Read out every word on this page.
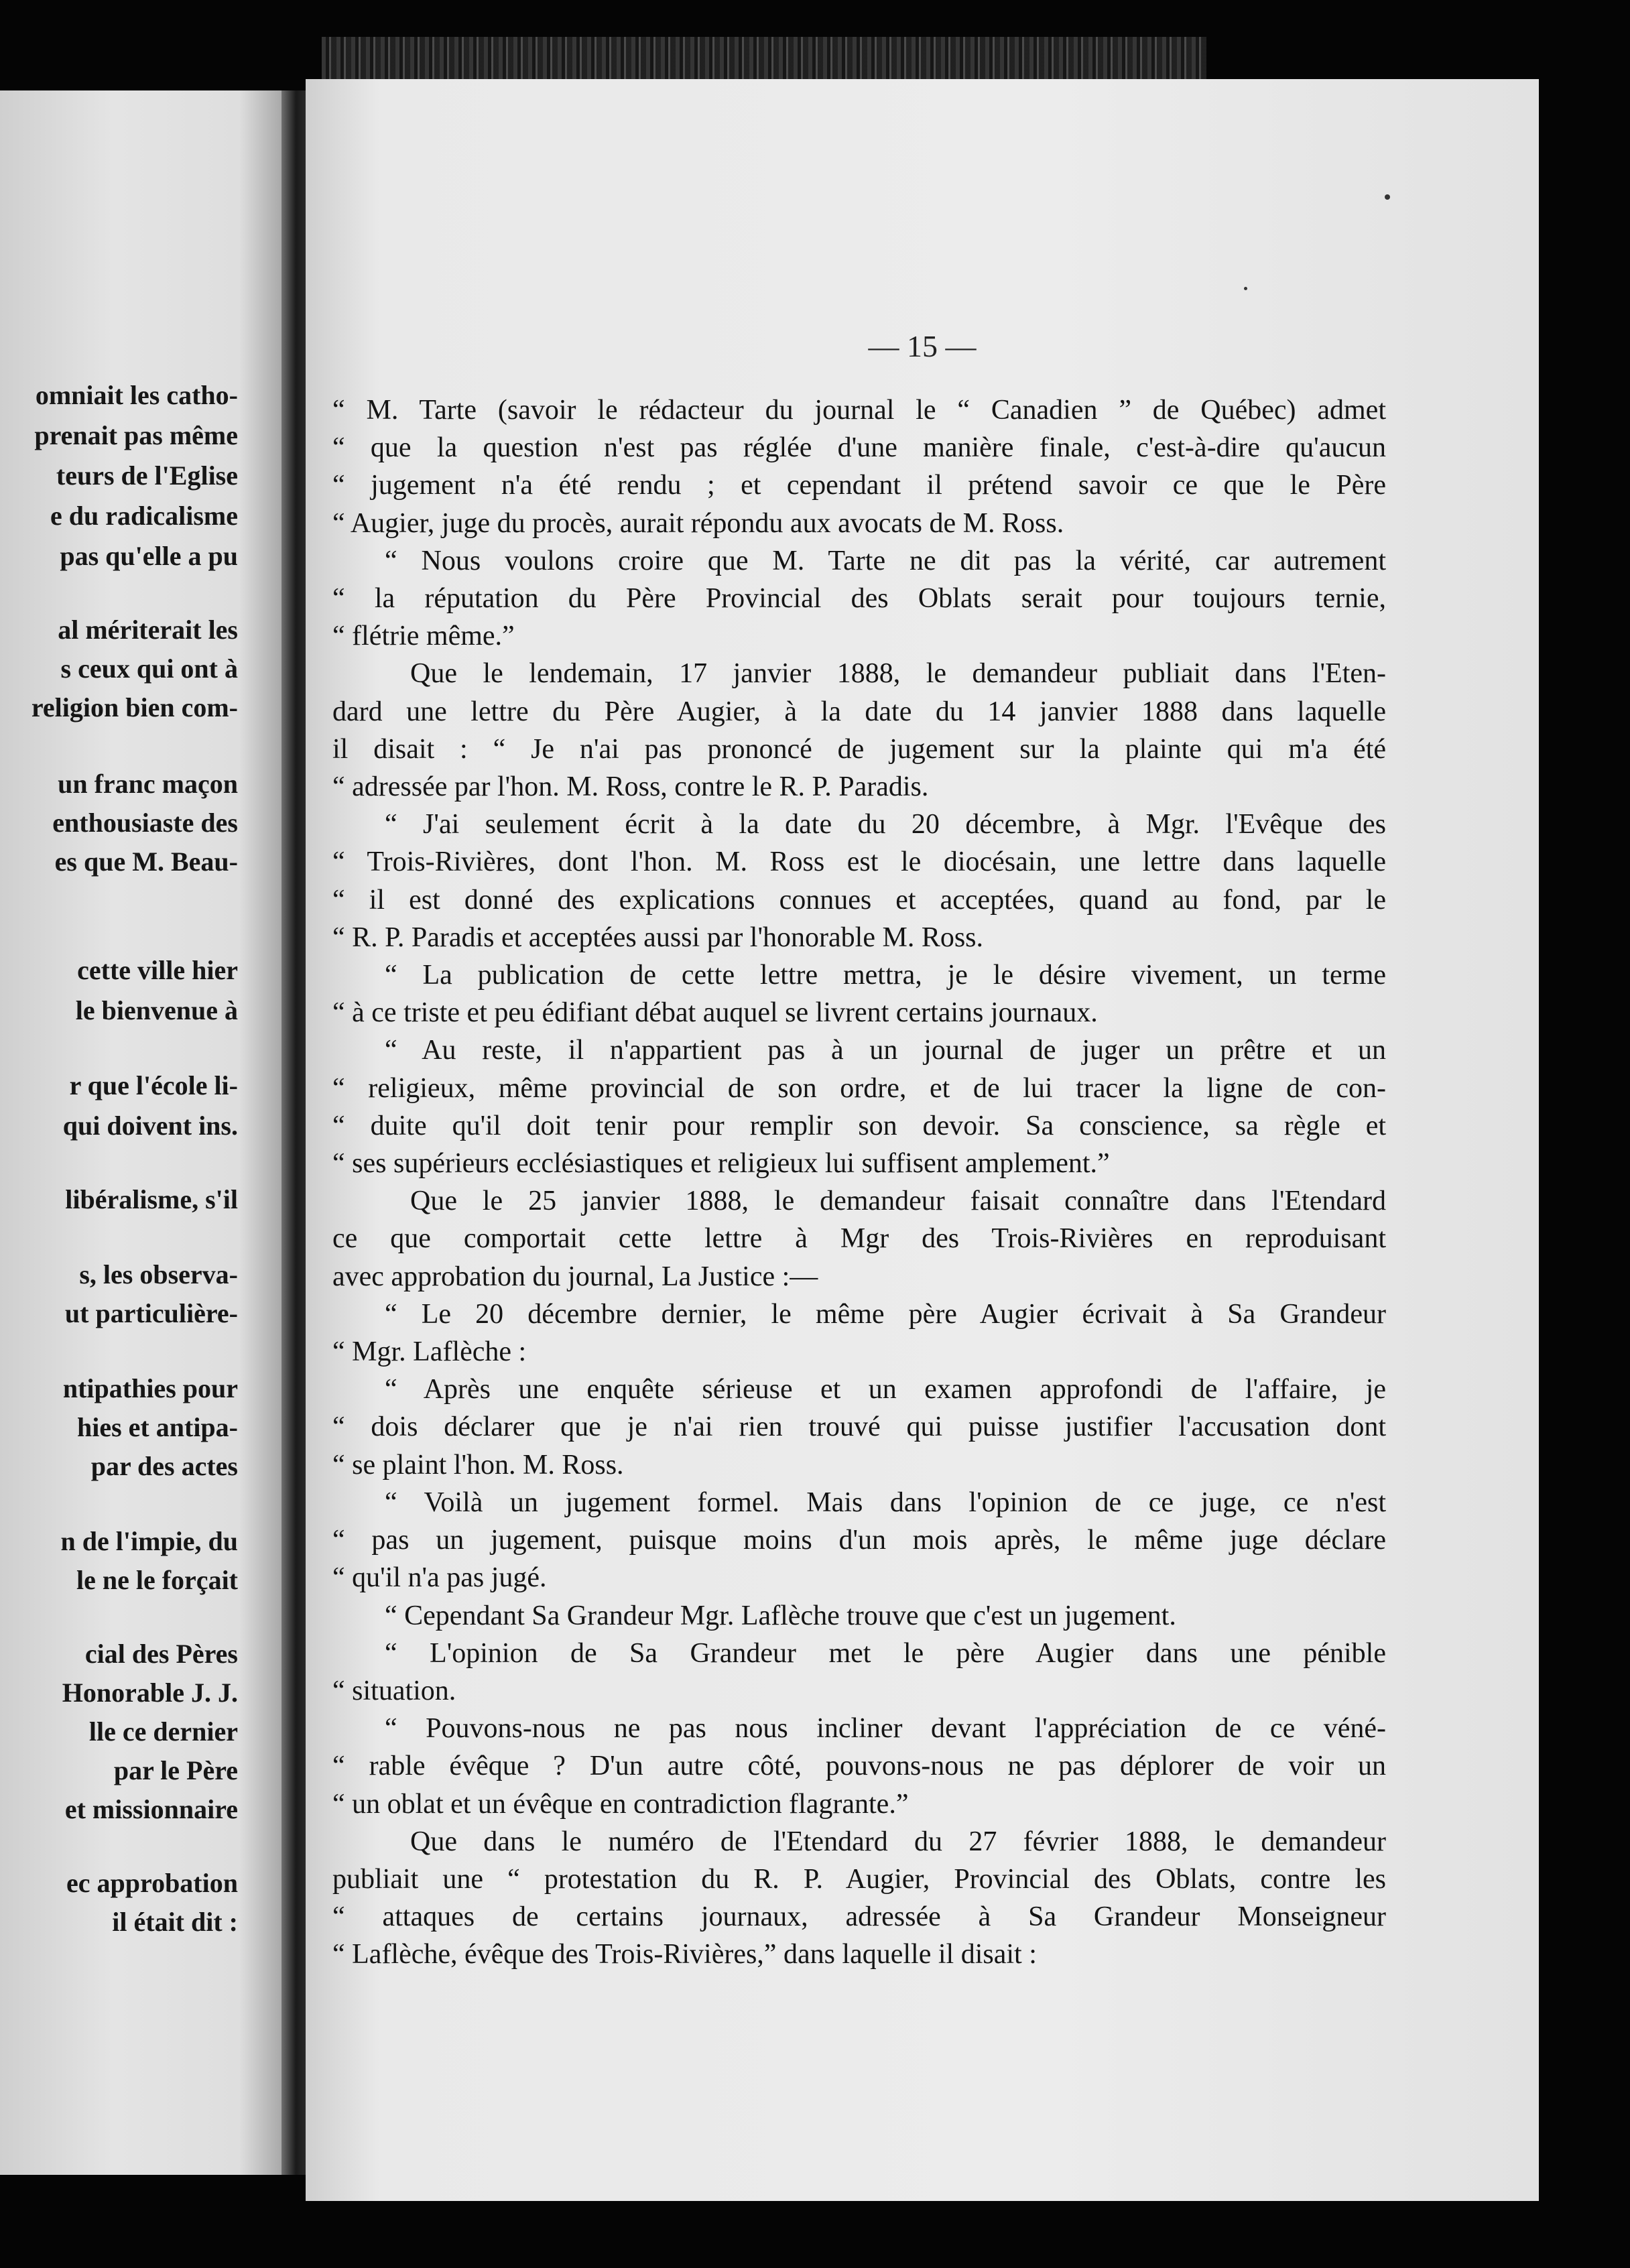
omniait les catho-
prenait pas même
teurs de l'Eglise
e du radicalisme
pas qu'elle a pu
al mériterait les
s ceux qui ont à
religion bien com-
un franc maçon
enthousiaste des
es que M. Beau-
cette ville hier
le bienvenue à
r que l'école li-
qui doivent ins.
libéralisme, s'il
s, les observa-
ut particulière-
ntipathies pour
hies et antipa-
par des actes
n de l'impie, du
le ne le forçait
cial des Pères
Honorable J. J.
lle ce dernier
par le Père
et missionnaire
ec approbation
il était dit :
— 15 —
“ M. Tarte (savoir le rédacteur du journal le “ Canadien ” de Québec) admet
“ que la question n'est pas réglée d'une manière finale, c'est-à-dire qu'aucun
“ jugement n'a été rendu ; et cependant il prétend savoir ce que le Père
“ Augier, juge du procès, aurait répondu aux avocats de M. Ross.
“ Nous voulons croire que M. Tarte ne dit pas la vérité, car autrement
“ la réputation du Père Provincial des Oblats serait pour toujours ternie,
“ flétrie même.”
Que le lendemain, 17 janvier 1888, le demandeur publiait dans l'Eten-
dard une lettre du Père Augier, à la date du 14 janvier 1888 dans laquelle
il disait : “ Je n'ai pas prononcé de jugement sur la plainte qui m'a été
“ adressée par l'hon. M. Ross, contre le R. P. Paradis.
“ J'ai seulement écrit à la date du 20 décembre, à Mgr. l'Evêque des
“ Trois-Rivières, dont l'hon. M. Ross est le diocésain, une lettre dans laquelle
“ il est donné des explications connues et acceptées, quand au fond, par le
“ R. P. Paradis et acceptées aussi par l'honorable M. Ross.
“ La publication de cette lettre mettra, je le désire vivement, un terme
“ à ce triste et peu édifiant débat auquel se livrent certains journaux.
“ Au reste, il n'appartient pas à un journal de juger un prêtre et un
“ religieux, même provincial de son ordre, et de lui tracer la ligne de con-
“ duite qu'il doit tenir pour remplir son devoir. Sa conscience, sa règle et
“ ses supérieurs ecclésiastiques et religieux lui suffisent amplement.”
Que le 25 janvier 1888, le demandeur faisait connaître dans l'Etendard
ce que comportait cette lettre à Mgr des Trois-Rivières en reproduisant
avec approbation du journal, La Justice :—
“ Le 20 décembre dernier, le même père Augier écrivait à Sa Grandeur
“ Mgr. Laflèche :
“ Après une enquête sérieuse et un examen approfondi de l'affaire, je
“ dois déclarer que je n'ai rien trouvé qui puisse justifier l'accusation dont
“ se plaint l'hon. M. Ross.
“ Voilà un jugement formel. Mais dans l'opinion de ce juge, ce n'est
“ pas un jugement, puisque moins d'un mois après, le même juge déclare
“ qu'il n'a pas jugé.
“ Cependant Sa Grandeur Mgr. Laflèche trouve que c'est un jugement.
“ L'opinion de Sa Grandeur met le père Augier dans une pénible
“ situation.
“ Pouvons-nous ne pas nous incliner devant l'appréciation de ce véné-
“ rable évêque ? D'un autre côté, pouvons-nous ne pas déplorer de voir un
“ un oblat et un évêque en contradiction flagrante.”
Que dans le numéro de l'Etendard du 27 février 1888, le demandeur
publiait une “ protestation du R. P. Augier, Provincial des Oblats, contre les
“ attaques de certains journaux, adressée à Sa Grandeur Monseigneur
“ Laflèche, évêque des Trois-Rivières,” dans laquelle il disait :
